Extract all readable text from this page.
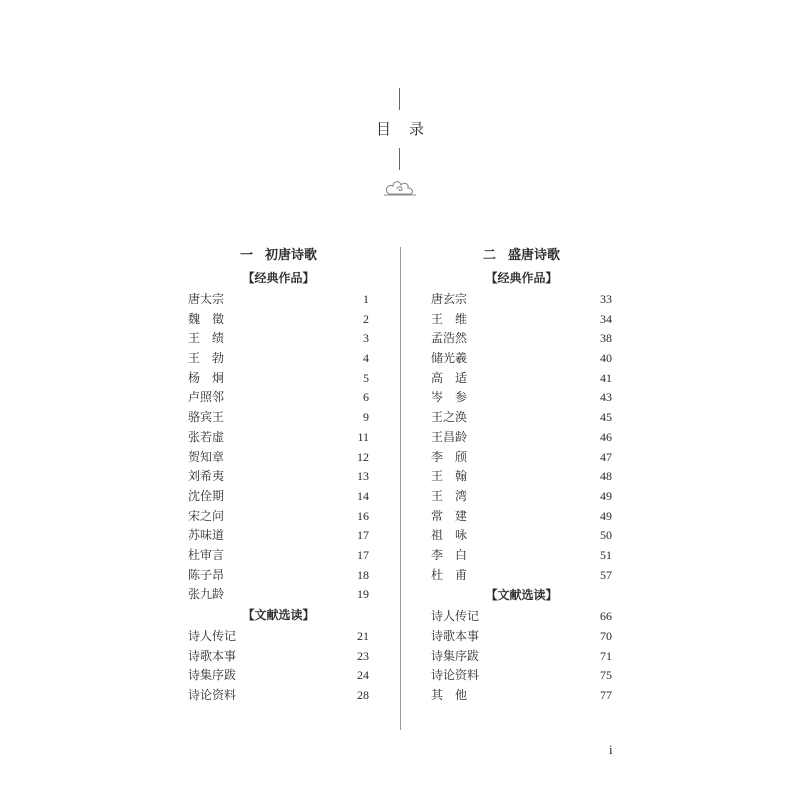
目 录
一 初唐诗歌
【经典作品】
唐太宗	1
魏　徵	2
王　绩	3
王　勃	4
杨　炯	5
卢照邻	6
骆宾王	9
张若虚	11
贺知章	12
刘希夷	13
沈佺期	14
宋之问	16
苏味道	17
杜审言	17
陈子昂	18
张九龄	19
【文献选读】
诗人传记	21
诗歌本事	23
诗集序跋	24
诗论资料	28
二 盛唐诗歌
【经典作品】
唐玄宗	33
王　维	34
孟浩然	38
储光羲	40
高　适	41
岑　参	43
王之涣	45
王昌龄	46
李　颀	47
王　翰	48
王　湾	49
常　建	49
祖　咏	50
李　白	51
杜　甫	57
【文献选读】
诗人传记	66
诗歌本事	70
诗集序跋	71
诗论资料	75
其　他	77
i
